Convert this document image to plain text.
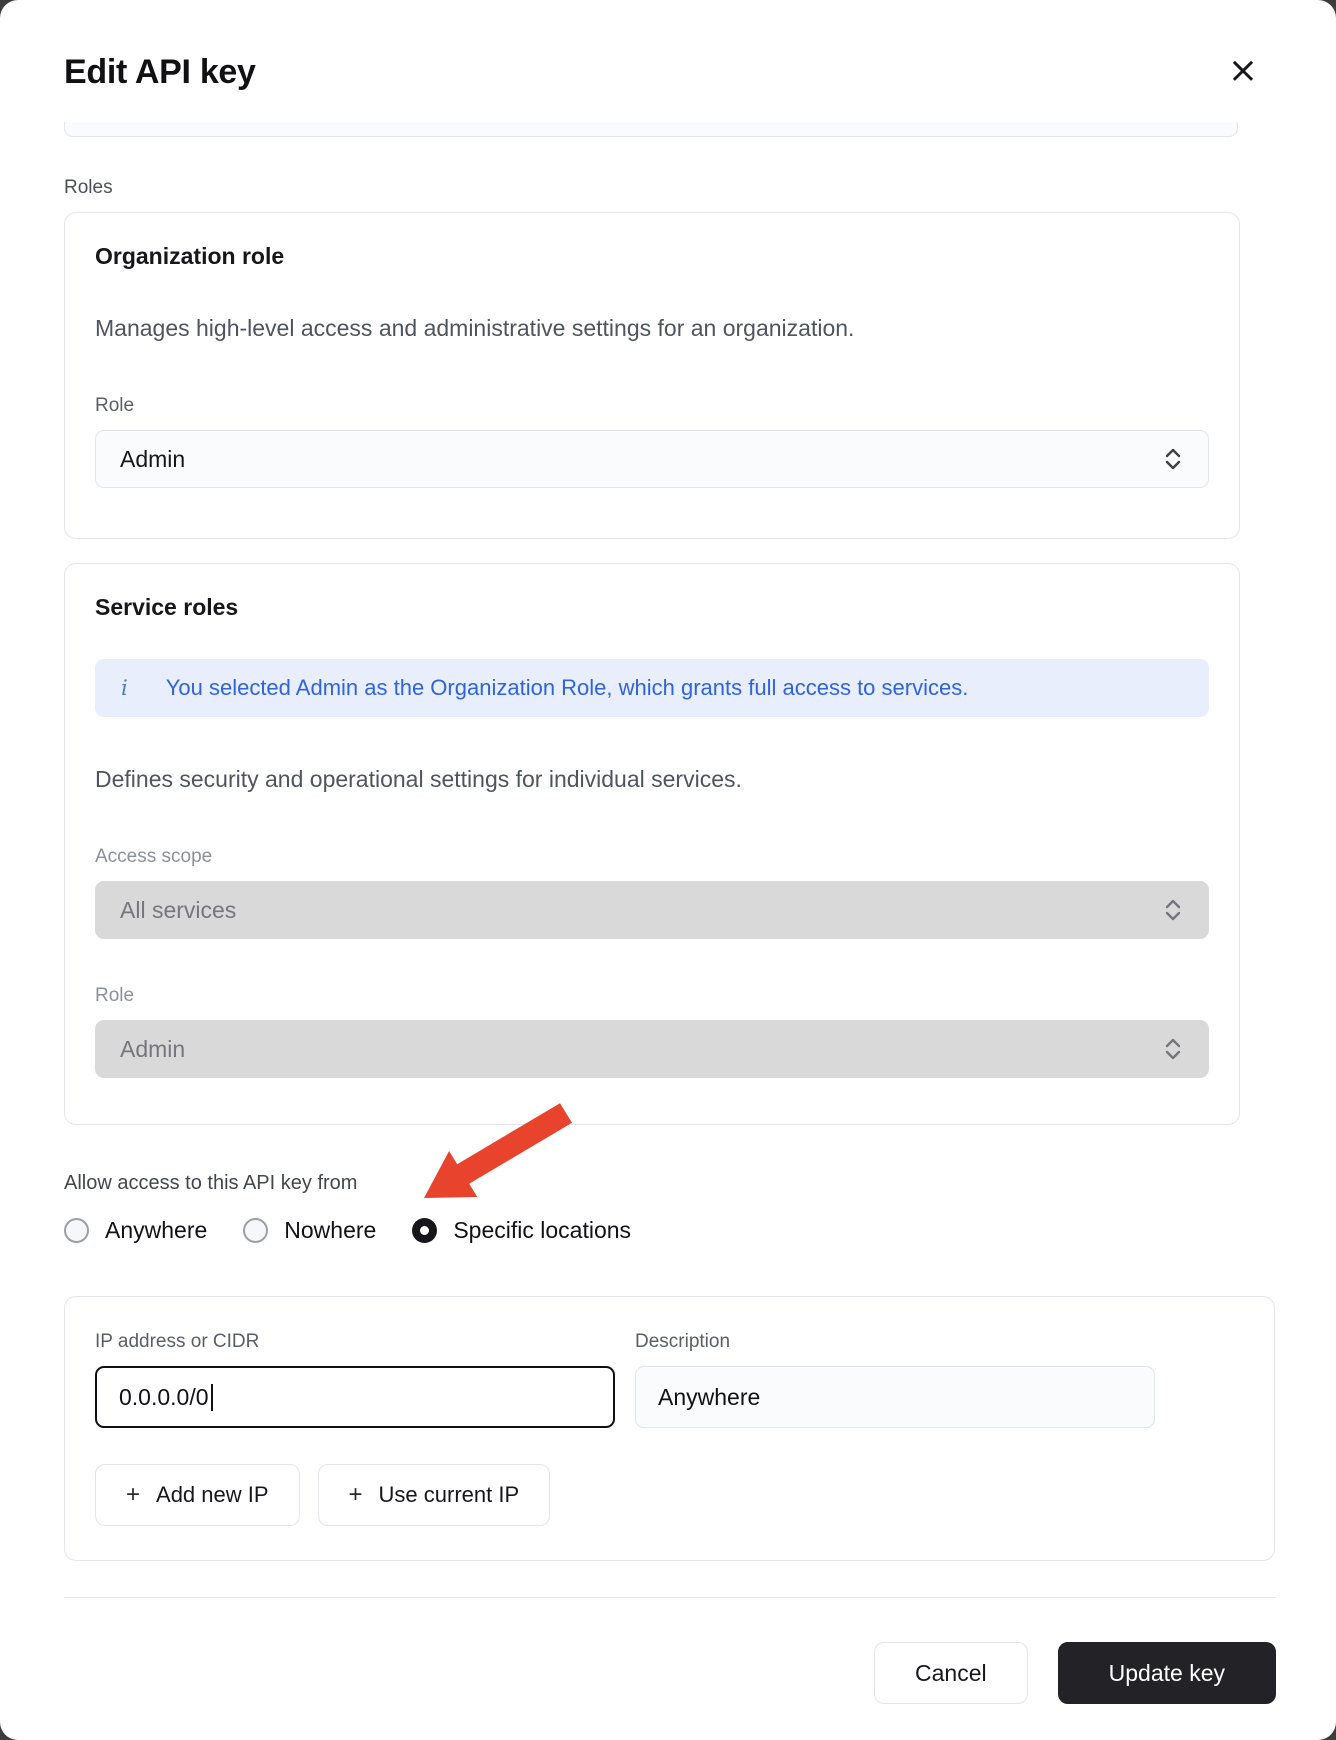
Edit API key	×
Roles
Organization role
Manages high-level access and administrative settings for an organization.
Role
Admin
Service roles
i You selected Admin as the Organization Role, which grants full access to services.
Defines security and operational settings for individual services.
Access scope
All services
Role
Admin
Allow access to this API key from
Anywhere	Nowhere	Specific locations
IP address or CIDR	Description
0.0.0.0/0	Anywhere
+ Add new IP	+ Use current IP
Cancel	Update key
